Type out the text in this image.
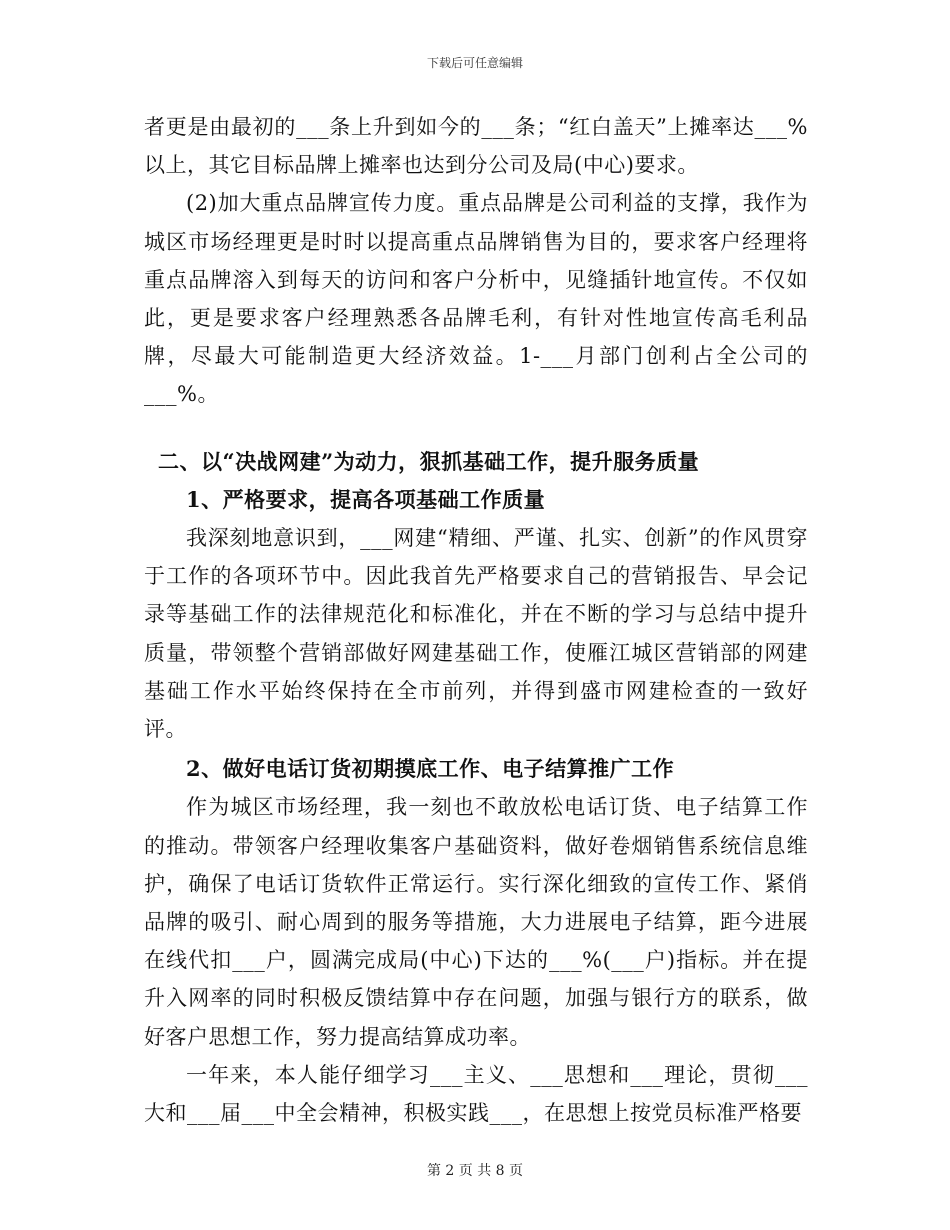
下载后可任意编辑

者更是由最初的___条上升到如今的___条；“红白盖天”上摊率达___%以上，其它目标品牌上摊率也达到分公司及局(中心)要求。

(2)加大重点品牌宣传力度。重点品牌是公司利益的支撑，我作为城区市场经理更是时时以提高重点品牌销售为目的，要求客户经理将重点品牌溶入到每天的访问和客户分析中，见缝插针地宣传。不仅如此，更是要求客户经理熟悉各品牌毛利，有针对性地宣传高毛利品牌，尽最大可能制造更大经济效益。1-___月部门创利占全公司的___%。

二、以“决战网建”为动力，狠抓基础工作，提升服务质量

1、严格要求，提高各项基础工作质量

我深刻地意识到，___网建“精细、严谨、扎实、创新”的作风贯穿于工作的各项环节中。因此我首先严格要求自己的营销报告、早会记录等基础工作的法律规范化和标准化，并在不断的学习与总结中提升质量，带领整个营销部做好网建基础工作，使雁江城区营销部的网建基础工作水平始终保持在全市前列，并得到盛市网建检查的一致好评。

2、做好电话订货初期摸底工作、电子结算推广工作

作为城区市场经理，我一刻也不敢放松电话订货、电子结算工作的推动。带领客户经理收集客户基础资料，做好卷烟销售系统信息维护，确保了电话订货软件正常运行。实行深化细致的宣传工作、紧俏品牌的吸引、耐心周到的服务等措施，大力进展电子结算，距今进展在线代扣___户，圆满完成局(中心)下达的___%(___户)指标。并在提升入网率的同时积极反馈结算中存在问题，加强与银行方的联系，做好客户思想工作，努力提高结算成功率。

一年来，本人能仔细学习___主义、___思想和___理论，贯彻___大和___届___中全会精神，积极实践___，在思想上按党员标准严格要

第 2 页 共 8 页
